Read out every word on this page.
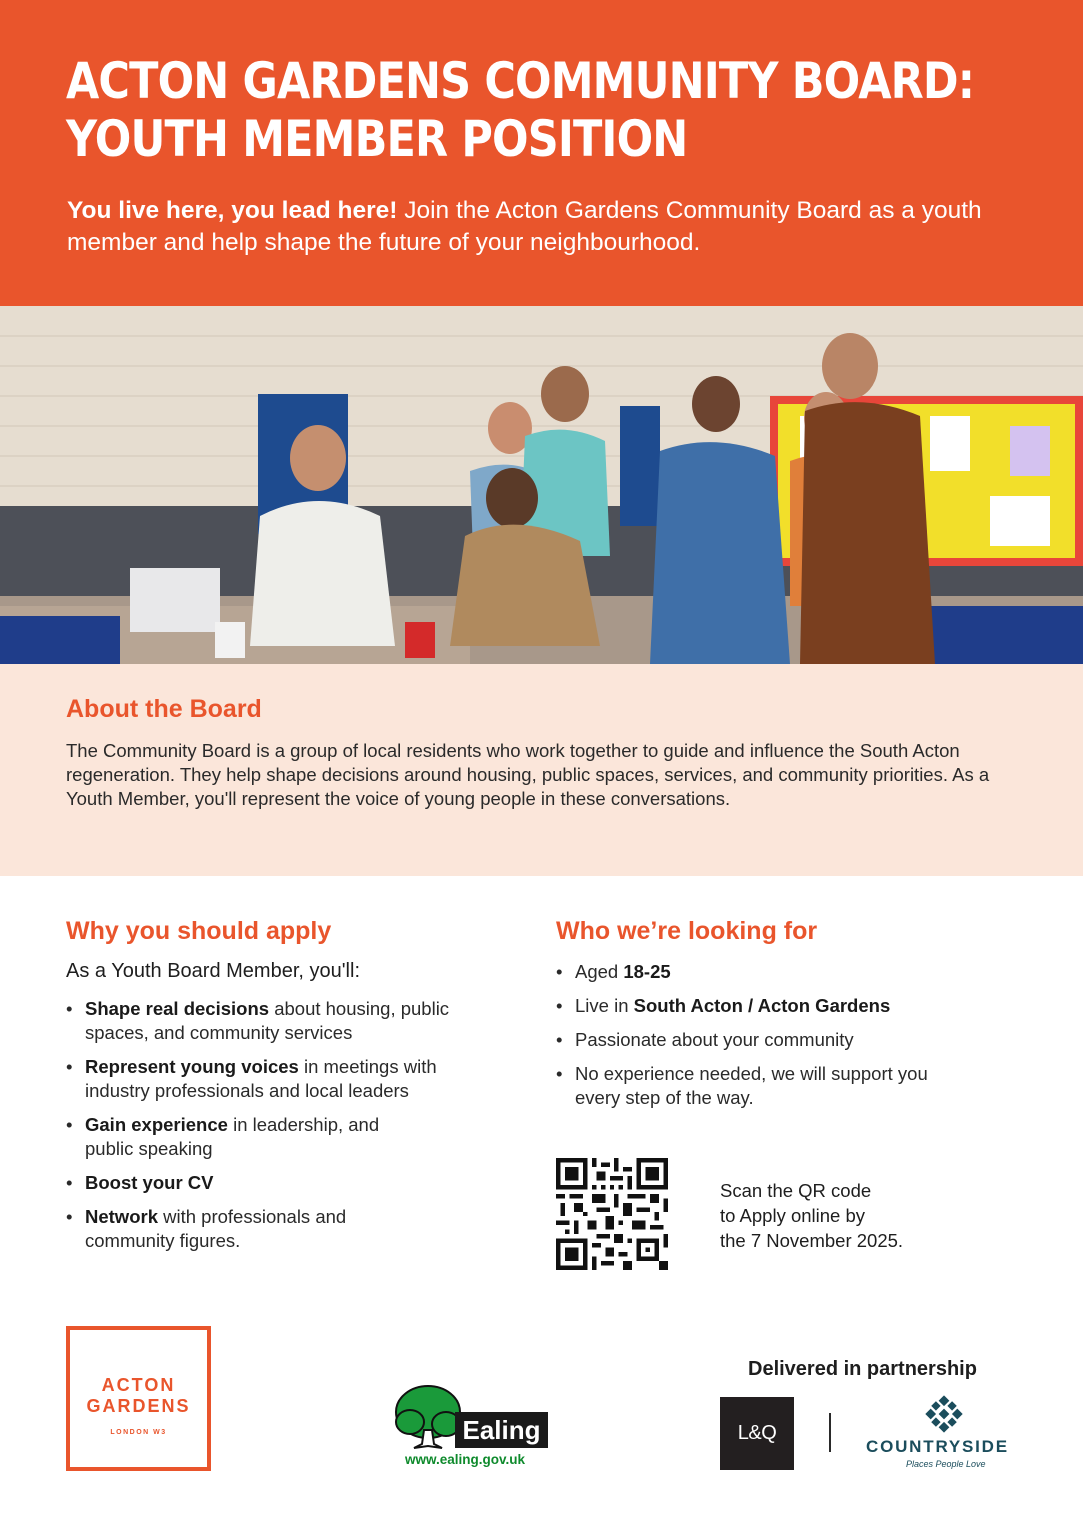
ACTON GARDENS COMMUNITY BOARD:
YOUTH MEMBER POSITION
You live here, you lead here! Join the Acton Gardens Community Board as a youth member and help shape the future of your neighbourhood.
About the Board
The Community Board is a group of local residents who work together to guide and influence the South Acton regeneration. They help shape decisions around housing, public spaces, services, and community priorities. As a Youth Member, you'll represent the voice of young people in these conversations.
Why you should apply
As a Youth Board Member, you'll:
• Shape real decisions about housing, public spaces, and community services
• Represent young voices in meetings with industry professionals and local leaders
• Gain experience in leadership, and public speaking
• Boost your CV
• Network with professionals and community figures.
Who we’re looking for
• Aged 18-25
• Live in South Acton / Acton Gardens
• Passionate about your community
• No experience needed, we will support you every step of the way.
Scan the QR code
to Apply online by
the 7 November 2025.
ACTON
GARDENS
LONDON W3	Ealing
www.ealing.gov.uk
Delivered in partnership
L&Q
COUNTRYSIDE
Places People Love
